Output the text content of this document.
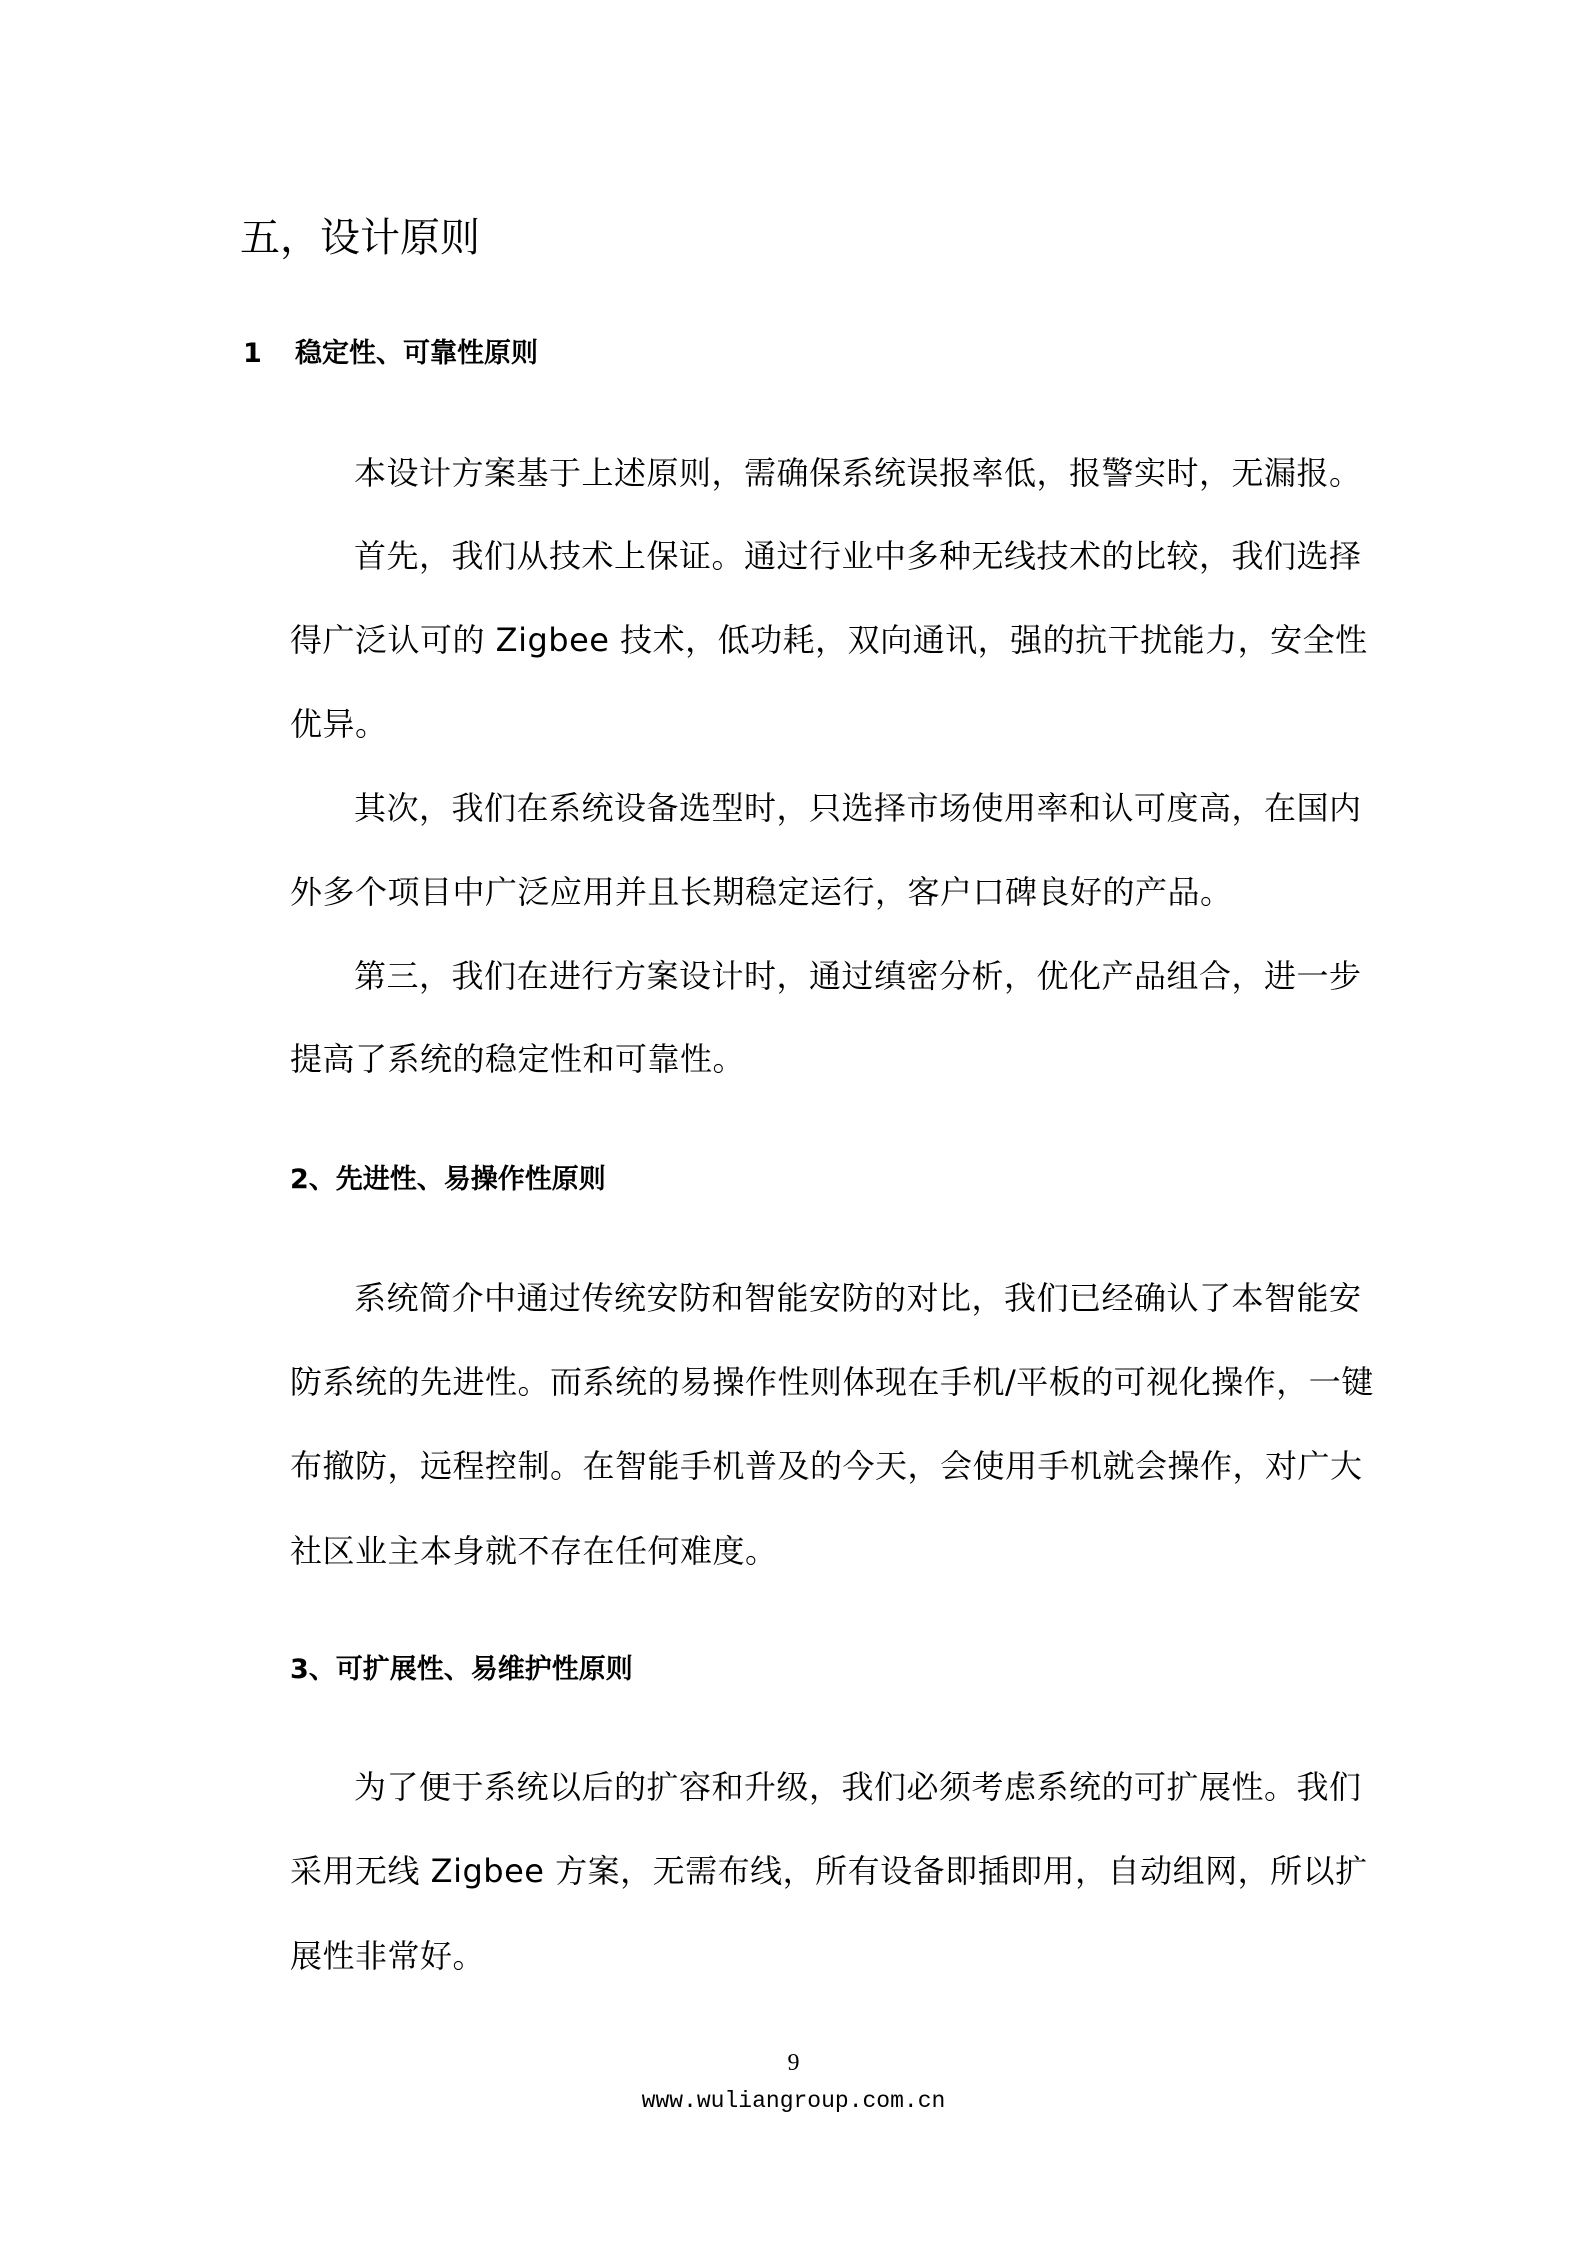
五，设计原则
1 稳定性、可靠性原则
本设计方案基于上述原则，需确保系统误报率低，报警实时，无漏报。
首先，我们从技术上保证。通过行业中多种无线技术的比较，我们选择
得广泛认可的 Zigbee 技术，低功耗，双向通讯，强的抗干扰能力，安全性
优异。
其次，我们在系统设备选型时，只选择市场使用率和认可度高，在国内
外多个项目中广泛应用并且长期稳定运行，客户口碑良好的产品。
第三，我们在进行方案设计时，通过缜密分析，优化产品组合，进一步
提高了系统的稳定性和可靠性。
2、先进性、易操作性原则
系统简介中通过传统安防和智能安防的对比，我们已经确认了本智能安
防系统的先进性。而系统的易操作性则体现在手机/平板的可视化操作，一键
布撤防，远程控制。在智能手机普及的今天，会使用手机就会操作，对广大
社区业主本身就不存在任何难度。
3、可扩展性、易维护性原则
为了便于系统以后的扩容和升级，我们必须考虑系统的可扩展性。我们
采用无线 Zigbee 方案，无需布线，所有设备即插即用，自动组网，所以扩
展性非常好。
9
www.wuliangroup.com.cn
